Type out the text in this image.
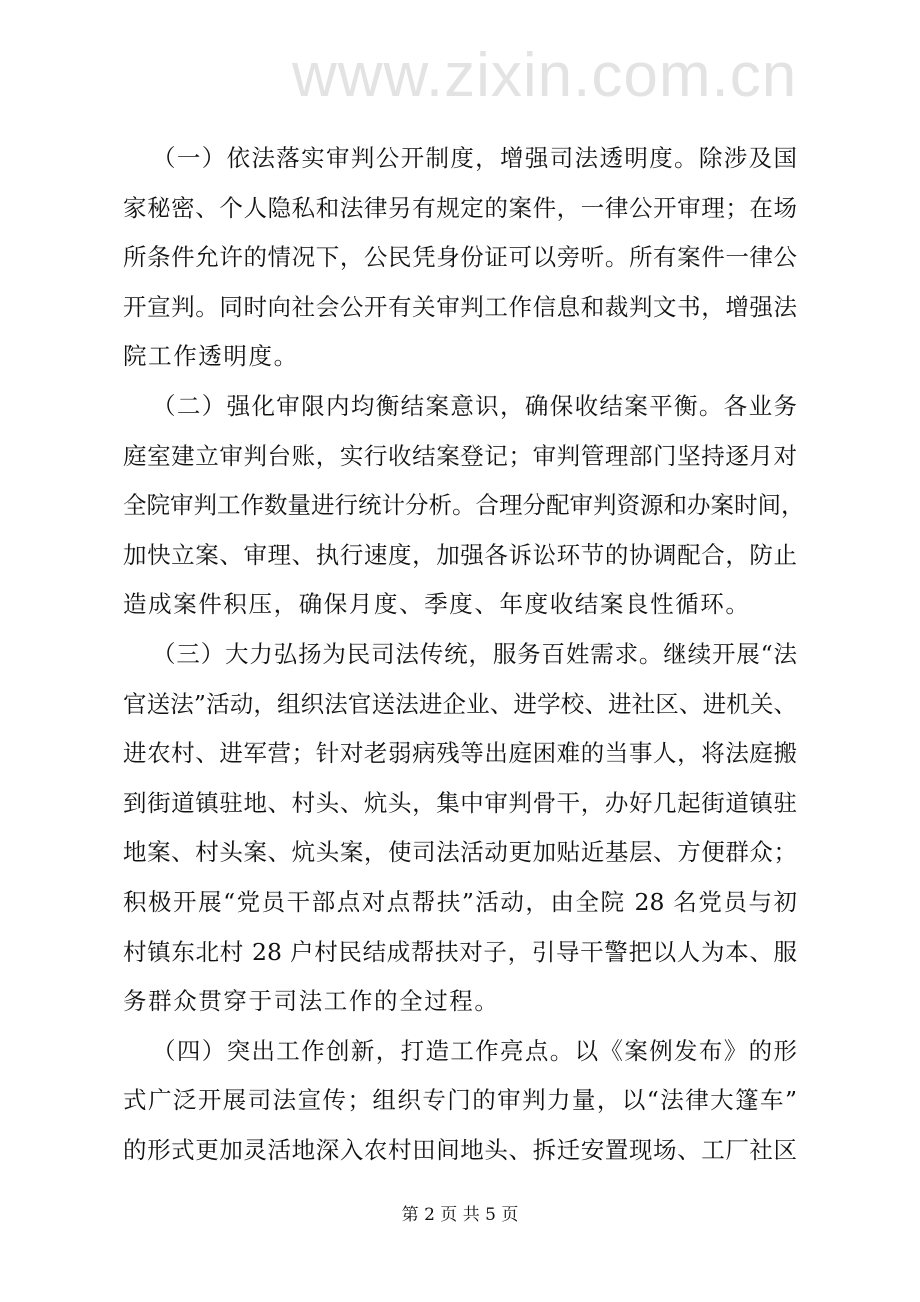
www.zixin.com.cn
（一）依法落实审判公开制度，增强司法透明度。除涉及国
家秘密、个人隐私和法律另有规定的案件，一律公开审理；在场
所条件允许的情况下，公民凭身份证可以旁听。所有案件一律公
开宣判。同时向社会公开有关审判工作信息和裁判文书，增强法
院工作透明度。
（二）强化审限内均衡结案意识，确保收结案平衡。各业务
庭室建立审判台账，实行收结案登记；审判管理部门坚持逐月对
全院审判工作数量进行统计分析。合理分配审判资源和办案时间，
加快立案、审理、执行速度，加强各诉讼环节的协调配合，防止
造成案件积压，确保月度、季度、年度收结案良性循环。
（三）大力弘扬为民司法传统，服务百姓需求。继续开展“法
官送法”活动，组织法官送法进企业、进学校、进社区、进机关、
进农村、进军营；针对老弱病残等出庭困难的当事人，将法庭搬
到街道镇驻地、村头、炕头，集中审判骨干，办好几起街道镇驻
地案、村头案、炕头案，使司法活动更加贴近基层、方便群众；
积极开展“党员干部点对点帮扶”活动，由全院 28 名党员与初
村镇东北村 28 户村民结成帮扶对子，引导干警把以人为本、服
务群众贯穿于司法工作的全过程。
（四）突出工作创新，打造工作亮点。以《案例发布》的形
式广泛开展司法宣传；组织专门的审判力量，以“法律大篷车”
的形式更加灵活地深入农村田间地头、拆迁安置现场、工厂社区
第 2 页 共 5 页
